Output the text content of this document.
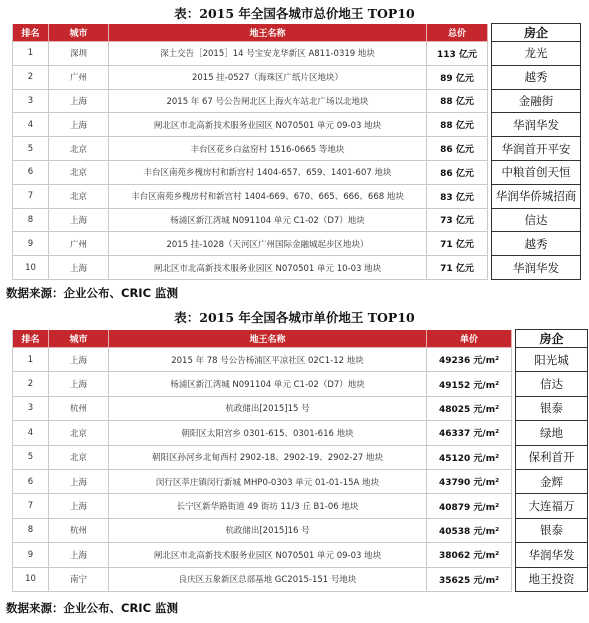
表：2015 年全国各城市总价地王 TOP10
排名	城市	地王名称	总价		房企
1	深圳	深土交告［2015］14 号宝安龙华新区 A811-0319 地块	113 亿元		龙光
2	广州	2015 挂-0527（海珠区广纸片区地块）	89 亿元		越秀
3	上海	2015 年 67 号公告闸北区上海火车站北广场以北地块	88 亿元		金融街
4	上海	闸北区市北高新技术服务业园区 N070501 单元 09-03 地块	88 亿元		华润华发
5	北京	丰台区花乡白盆窑村 1516-0665 等地块	86 亿元		华润首开平安
6	北京	丰台区南苑乡槐房村和新宫村 1404-657、659、1401-607 地块	86 亿元		中粮首创天恒
7	北京	丰台区南苑乡槐房村和新宫村 1404-669、670、665、666、668 地块	83 亿元		华润华侨城招商
8	上海	杨浦区新江湾城 N091104 单元 C1-02（D7）地块	73 亿元		信达
9	广州	2015 挂-1028（天河区广州国际金融城起步区地块）	71 亿元		越秀
10	上海	闸北区市北高新技术服务业园区 N070501 单元 10-03 地块	71 亿元		华润华发
数据来源：企业公布、CRIC 监测
表：2015 年全国各城市单价地王 TOP10
排名	城市	地王名称	单价		房企
1	上海	2015 年 78 号公告杨浦区平凉社区 02C1-12 地块	49236 元/m²		阳光城
2	上海	杨浦区新江湾城 N091104 单元 C1-02（D7）地块	49152 元/m²		信达
3	杭州	杭政储出[2015]15 号	48025 元/m²		银泰
4	北京	朝阳区太阳宫乡 0301-615、0301-616 地块	46337 元/m²		绿地
5	北京	朝阳区孙河乡北甸西村 2902-18、2902-19、2902-27 地块	45120 元/m²		保利首开
6	上海	闵行区莘庄镇闵行新城 MHP0-0303 单元 01-01-15A 地块	43790 元/m²		金辉
7	上海	长宁区新华路街道 49 街坊 11/3 丘 B1-06 地块	40879 元/m²		大连福万
8	杭州	杭政储出[2015]16 号	40538 元/m²		银泰
9	上海	闸北区市北高新技术服务业园区 N070501 单元 09-03 地块	38062 元/m²		华润华发
10	南宁	良庆区五象新区总部基地 GC2015-151 号地块	35625 元/m²		地王投资
数据来源：企业公布、CRIC 监测
